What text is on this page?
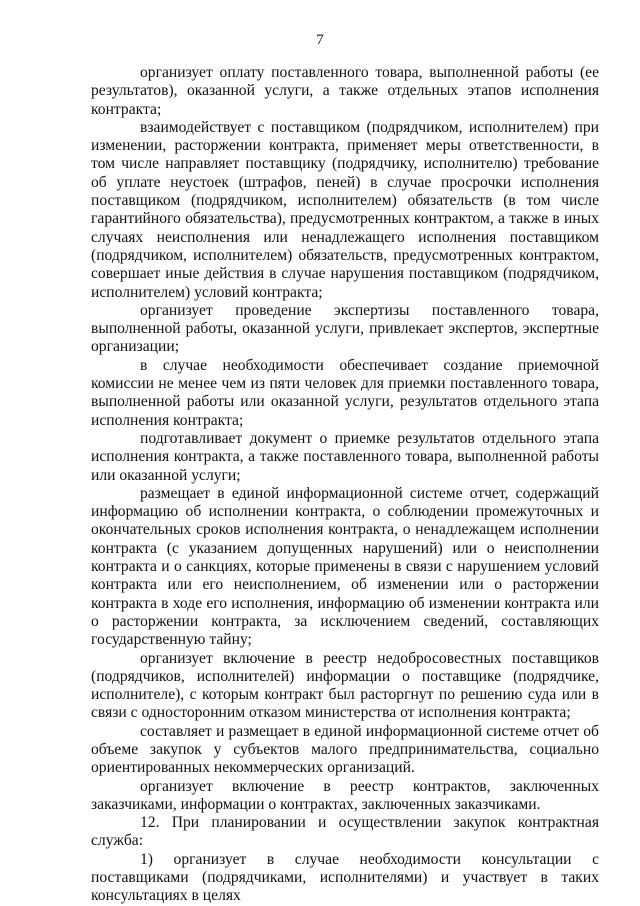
7

организует оплату поставленного товара, выполненной работы (ее результатов), оказанной услуги, а также отдельных этапов исполнения контракта;

взаимодействует с поставщиком (подрядчиком, исполнителем) при изменении, расторжении контракта, применяет меры ответственности, в том числе направляет поставщику (подрядчику, исполнителю) требование об уплате неустоек (штрафов, пеней) в случае просрочки исполнения поставщиком (подрядчиком, исполнителем) обязательств (в том числе гарантийного обязательства), предусмотренных контрактом, а также в иных случаях неисполнения или ненадлежащего исполнения поставщиком (подрядчиком, исполнителем) обязательств, предусмотренных контрактом, совершает иные действия в случае нарушения поставщиком (подрядчиком, исполнителем) условий контракта;

организует проведение экспертизы поставленного товара, выполненной работы, оказанной услуги, привлекает экспертов, экспертные организации;

в случае необходимости обеспечивает создание приемочной комиссии не менее чем из пяти человек для приемки поставленного товара, выполненной работы или оказанной услуги, результатов отдельного этапа исполнения контракта;

подготавливает документ о приемке результатов отдельного этапа исполнения контракта, а также поставленного товара, выполненной работы или оказанной услуги;

размещает в единой информационной системе отчет, содержащий информацию об исполнении контракта, о соблюдении промежуточных и окончательных сроков исполнения контракта, о ненадлежащем исполнении контракта (с указанием допущенных нарушений) или о неисполнении контракта и о санкциях, которые применены в связи с нарушением условий контракта или его неисполнением, об изменении или о расторжении контракта в ходе его исполнения, информацию об изменении контракта или о расторжении контракта, за исключением сведений, составляющих государственную тайну;

организует включение в реестр недобросовестных поставщиков (подрядчиков, исполнителей) информации о поставщике (подрядчике, исполнителе), с которым контракт был расторгнут по решению суда или в связи с односторонним отказом министерства от исполнения контракта;

составляет и размещает в единой информационной системе отчет об объеме закупок у субъектов малого предпринимательства, социально ориентированных некоммерческих организаций.

организует включение в реестр контрактов, заключенных заказчиками, информации о контрактах, заключенных заказчиками.

12. При планировании и осуществлении закупок контрактная служба:

1) организует в случае необходимости консультации с поставщиками (подрядчиками, исполнителями) и участвует в таких консультациях в целях
